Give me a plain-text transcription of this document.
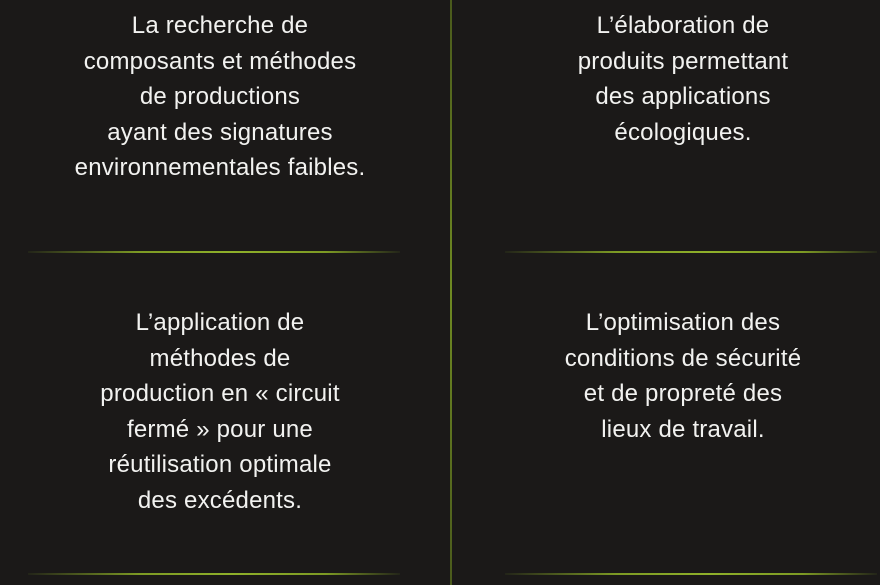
La recherche de
composants et méthodes
de productions
ayant des signatures
environnementales faibles.
L’élaboration de
produits permettant
des applications
écologiques.
L’application de
méthodes de
production en « circuit
fermé » pour une
réutilisation optimale
des excédents.
L’optimisation des
conditions de sécurité
et de propreté des
lieux de travail.
